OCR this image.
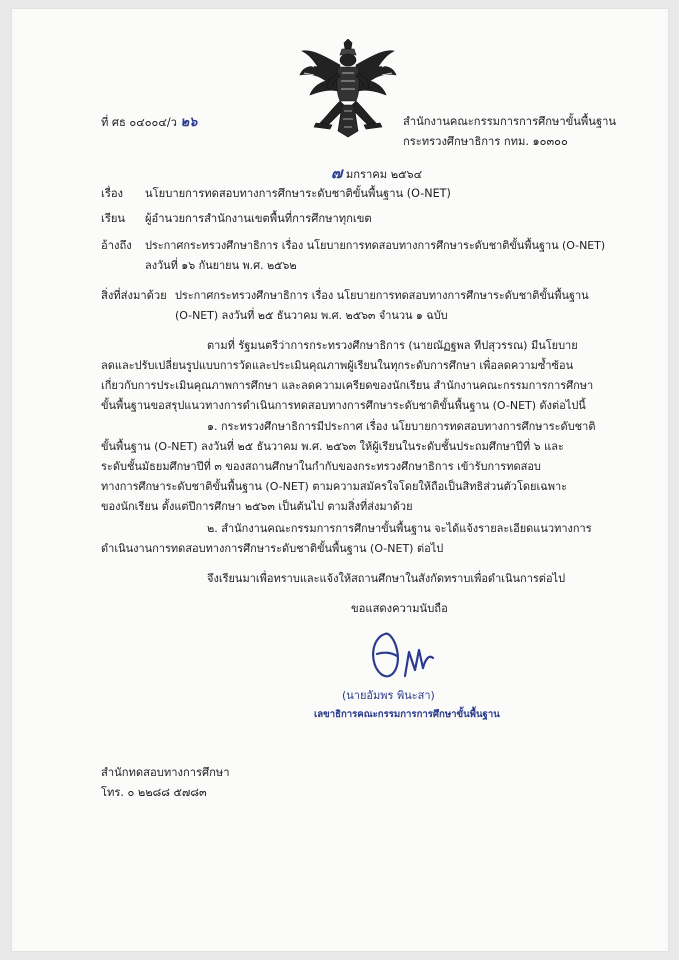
ที่ ศธ ๐๔๐๐๔/ว ๒๖	สำนักงานคณะกรรมการการศึกษาขั้นพื้นฐาน
กระทรวงศึกษาธิการ กทม. ๑๐๓๐๐
๗ มกราคม ๒๕๖๔
เรื่อง นโยบายการทดสอบทางการศึกษาระดับชาติขั้นพื้นฐาน (O-NET)
เรียน ผู้อำนวยการสำนักงานเขตพื้นที่การศึกษาทุกเขต
อ้างถึง ประกาศกระทรวงศึกษาธิการ เรื่อง นโยบายการทดสอบทางการศึกษาระดับชาติขั้นพื้นฐาน (O-NET)
ลงวันที่ ๑๖ กันยายน พ.ศ. ๒๕๖๒
สิ่งที่ส่งมาด้วย ประกาศกระทรวงศึกษาธิการ เรื่อง นโยบายการทดสอบทางการศึกษาระดับชาติขั้นพื้นฐาน
(O-NET) ลงวันที่ ๒๕ ธันวาคม พ.ศ. ๒๕๖๓ จำนวน ๑ ฉบับ
ตามที่ รัฐมนตรีว่าการกระทรวงศึกษาธิการ (นายณัฏฐพล ทีปสุวรรณ) มีนโยบาย
ลดและปรับเปลี่ยนรูปแบบการวัดและประเมินคุณภาพผู้เรียนในทุกระดับการศึกษา เพื่อลดความซ้ำซ้อน
เกี่ยวกับการประเมินคุณภาพการศึกษา และลดความเครียดของนักเรียน สำนักงานคณะกรรมการการศึกษา
ขั้นพื้นฐานขอสรุปแนวทางการดำเนินการทดสอบทางการศึกษาระดับชาติขั้นพื้นฐาน (O-NET) ดังต่อไปนี้
๑. กระทรวงศึกษาธิการมีประกาศ เรื่อง นโยบายการทดสอบทางการศึกษาระดับชาติ
ขั้นพื้นฐาน (O-NET) ลงวันที่ ๒๕ ธันวาคม พ.ศ. ๒๕๖๓ ให้ผู้เรียนในระดับชั้นประถมศึกษาปีที่ ๖ และ
ระดับชั้นมัธยมศึกษาปีที่ ๓ ของสถานศึกษาในกำกับของกระทรวงศึกษาธิการ เข้ารับการทดสอบ
ทางการศึกษาระดับชาติขั้นพื้นฐาน (O-NET) ตามความสมัครใจโดยให้ถือเป็นสิทธิส่วนตัวโดยเฉพาะ
ของนักเรียน ตั้งแต่ปีการศึกษา ๒๕๖๓ เป็นต้นไป ตามสิ่งที่ส่งมาด้วย
๒. สำนักงานคณะกรรมการการศึกษาขั้นพื้นฐาน จะได้แจ้งรายละเอียดแนวทางการ
ดำเนินงานการทดสอบทางการศึกษาระดับชาติขั้นพื้นฐาน (O-NET) ต่อไป
จึงเรียนมาเพื่อทราบและแจ้งให้สถานศึกษาในสังกัดทราบเพื่อดำเนินการต่อไป
ขอแสดงความนับถือ
(นายอัมพร พินะสา)
เลขาธิการคณะกรรมการการศึกษาขั้นพื้นฐาน
สำนักทดสอบทางการศึกษา
โทร. ๐ ๒๒๘๘ ๕๗๘๓
